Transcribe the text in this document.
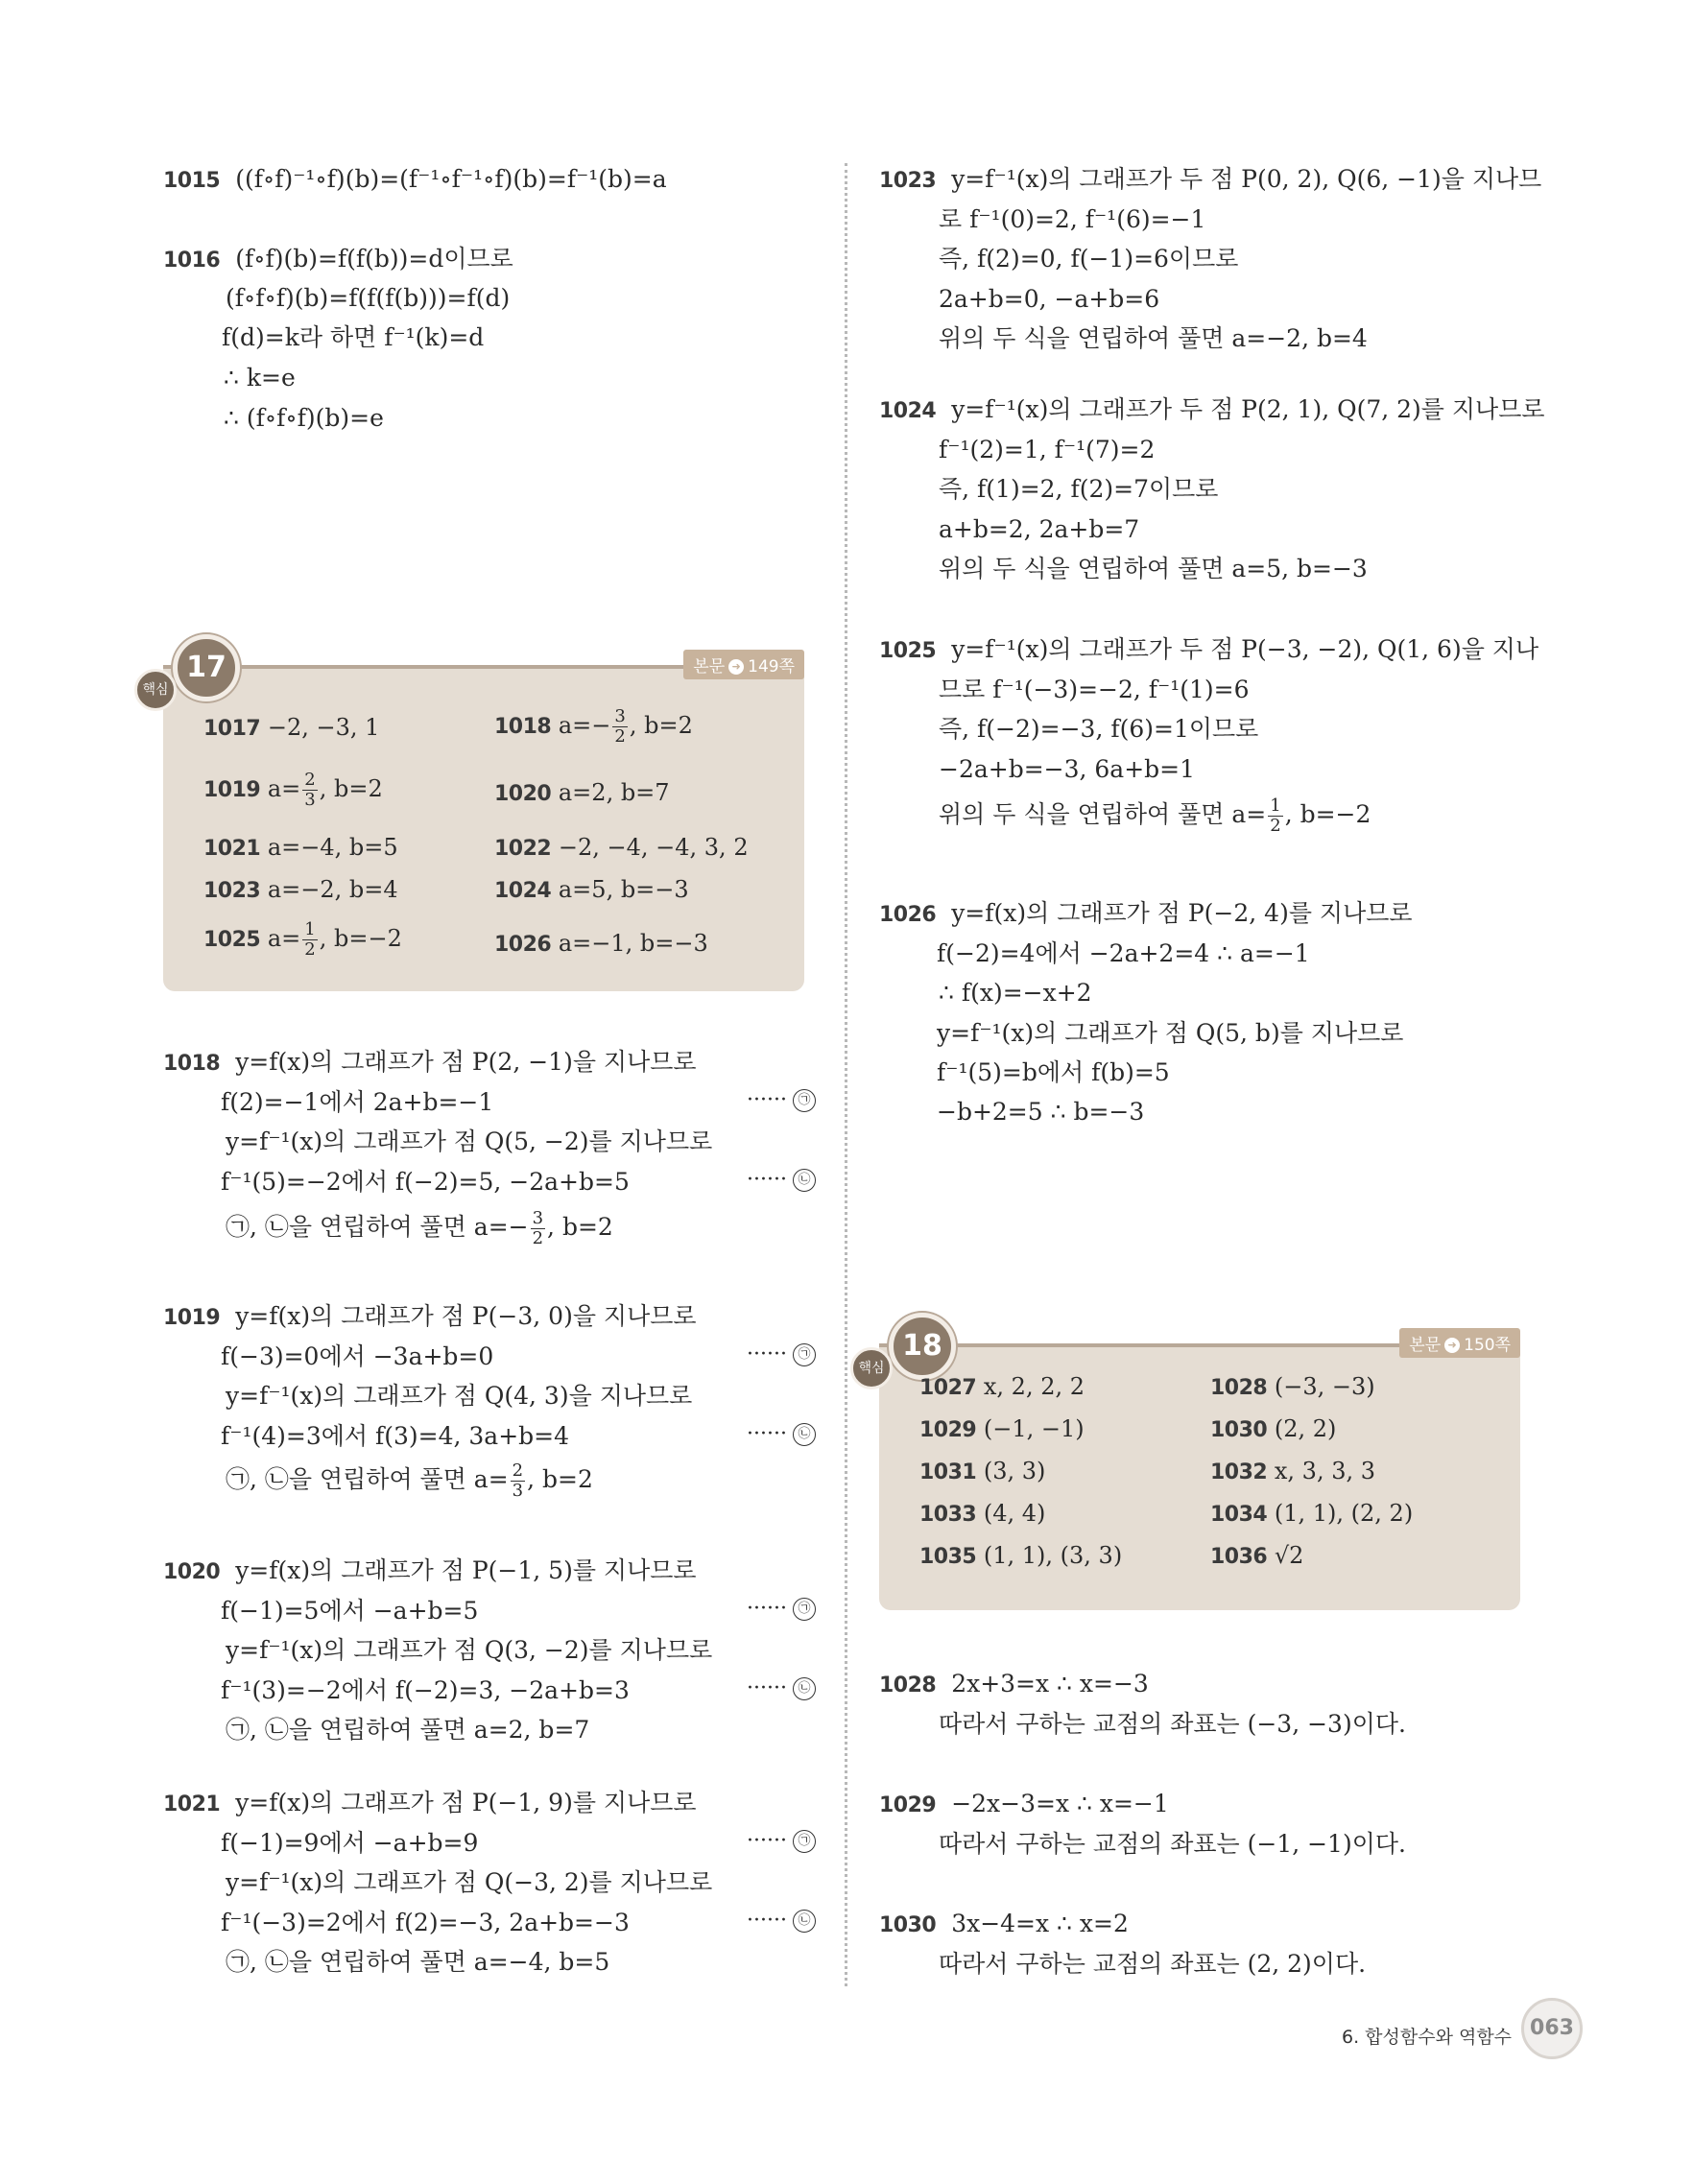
1015 ((f∘f)⁻¹∘f)(b)=(f⁻¹∘f⁻¹∘f)(b)=f⁻¹(b)=a
1016 (f∘f)(b)=f(f(b))=d이므로
(f∘f∘f)(b)=f(f(f(b)))=f(d)
f(d)=k라 하면 f⁻¹(k)=d
∴ k=e
∴ (f∘f∘f)(b)=e
17
핵심
본문 ➜ 149쪽
1017 −2, −3, 1	1018 $a=- \frac{3}{2}$ , b=2
1019 $a= \frac{2}{3}$ , b=2	1020 a=2, b=7
1021 a=−4, b=5	1022 −2, −4, −4, 3, 2
1023 a=−2, b=4	1024 a=5, b=−3
1025 $a= \frac{1}{2}$ , b=−2	1026 a=−1, b=−3
1018 y=f(x)의 그래프가 점 P(2, −1)을 지나므로
f(2)=−1에서 2a+b=−1	······ ㉠
y=f⁻¹(x)의 그래프가 점 Q(5, −2)를 지나므로
f⁻¹(5)=−2에서 f(−2)=5, −2a+b=5	······ ㉡
㉠, ㉡을 연립하여 풀면 $a=- \frac{3}{2}$ , b=2
1019 y=f(x)의 그래프가 점 P(−3, 0)을 지나므로
f(−3)=0에서 −3a+b=0	······ ㉠
y=f⁻¹(x)의 그래프가 점 Q(4, 3)을 지나므로
f⁻¹(4)=3에서 f(3)=4, 3a+b=4	······ ㉡
㉠, ㉡을 연립하여 풀면 $a= \frac{2}{3}$ , b=2
1020 y=f(x)의 그래프가 점 P(−1, 5)를 지나므로
f(−1)=5에서 −a+b=5	······ ㉠
y=f⁻¹(x)의 그래프가 점 Q(3, −2)를 지나므로
f⁻¹(3)=−2에서 f(−2)=3, −2a+b=3	······ ㉡
㉠, ㉡을 연립하여 풀면 a=2, b=7
1021 y=f(x)의 그래프가 점 P(−1, 9)를 지나므로
f(−1)=9에서 −a+b=9	······ ㉠
y=f⁻¹(x)의 그래프가 점 Q(−3, 2)를 지나므로
f⁻¹(−3)=2에서 f(2)=−3, 2a+b=−3	······ ㉡
㉠, ㉡을 연립하여 풀면 a=−4, b=5
1023 y=f⁻¹(x)의 그래프가 두 점 P(0, 2), Q(6, −1)을 지나므
로 f⁻¹(0)=2, f⁻¹(6)=−1
즉, f(2)=0, f(−1)=6이므로
2a+b=0, −a+b=6
위의 두 식을 연립하여 풀면 a=−2, b=4
1024 y=f⁻¹(x)의 그래프가 두 점 P(2, 1), Q(7, 2)를 지나므로
f⁻¹(2)=1, f⁻¹(7)=2
즉, f(1)=2, f(2)=7이므로
a+b=2, 2a+b=7
위의 두 식을 연립하여 풀면 a=5, b=−3
1025 y=f⁻¹(x)의 그래프가 두 점 P(−3, −2), Q(1, 6)을 지나
므로 f⁻¹(−3)=−2, f⁻¹(1)=6
즉, f(−2)=−3, f(6)=1이므로
−2a+b=−3, 6a+b=1
위의 두 식을 연립하여 풀면 $a= \frac{1}{2}$ , b=−2
1026 y=f(x)의 그래프가 점 P(−2, 4)를 지나므로
f(−2)=4에서 −2a+2=4 ∴ a=−1
∴ f(x)=−x+2
y=f⁻¹(x)의 그래프가 점 Q(5, b)를 지나므로
f⁻¹(5)=b에서 f(b)=5
−b+2=5 ∴ b=−3
18
핵심
본문 ➜ 150쪽
1027 x, 2, 2, 2	1028 (−3, −3)
1029 (−1, −1)	1030 (2, 2)
1031 (3, 3)	1032 x, 3, 3, 3
1033 (4, 4)	1034 (1, 1), (2, 2)
1035 (1, 1), (3, 3)	1036 √2
1028 2x+3=x ∴ x=−3
따라서 구하는 교점의 좌표는 (−3, −3)이다.
1029 −2x−3=x ∴ x=−1
따라서 구하는 교점의 좌표는 (−1, −1)이다.
1030 3x−4=x ∴ x=2
따라서 구하는 교점의 좌표는 (2, 2)이다.
6. 합성함수와 역함수 063
